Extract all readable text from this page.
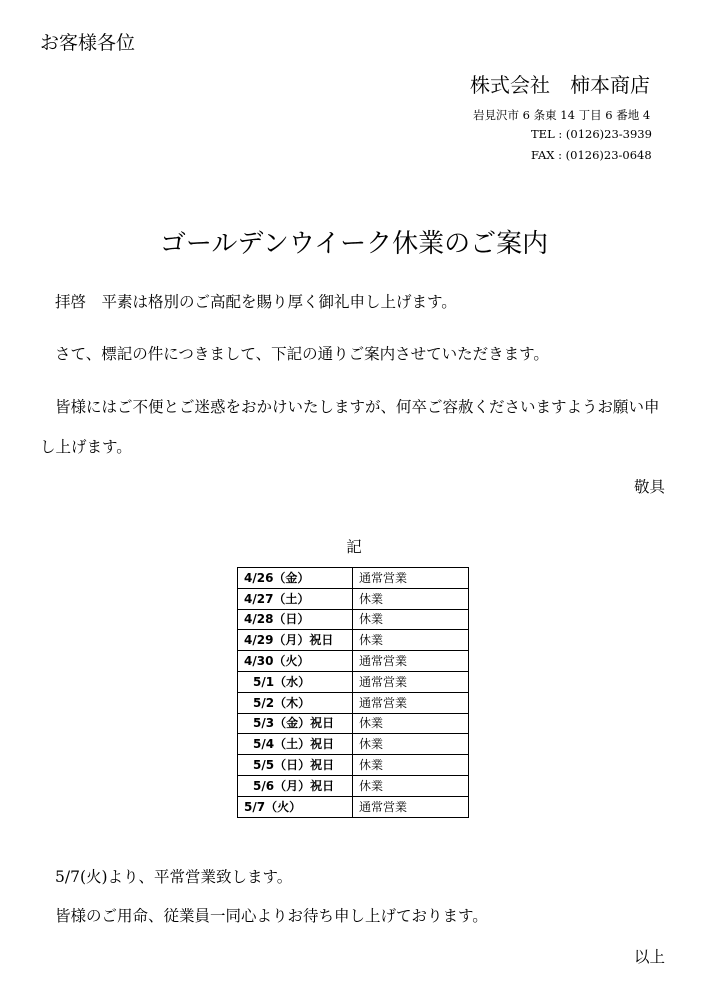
お客様各位

株式会社　柿本商店

岩見沢市 6 条東 14 丁目 6 番地 4

TEL : (0126)23-3939

FAX : (0126)23-0648

ゴールデンウイーク休業のご案内

拝啓　平素は格別のご高配を賜り厚く御礼申し上げます。

さて、標記の件につきまして、下記の通りご案内させていただきます。

皆様にはご不便とご迷惑をおかけいたしますが、何卒ご容赦くださいますようお願い申

し上げます。

敬具

記

4/26（金）	通常営業
4/27（土）	休業
4/28（日）	休業
4/29（月）祝日	休業
4/30（火）	通常営業
5/1（水）	通常営業
5/2（木）	通常営業
5/3（金）祝日	休業
5/4（土）祝日	休業
5/5（日）祝日	休業
5/6（月）祝日	休業
5/7（火）	通常営業

5/7(火)より、平常営業致します。

皆様のご用命、従業員一同心よりお待ち申し上げております。

以上
